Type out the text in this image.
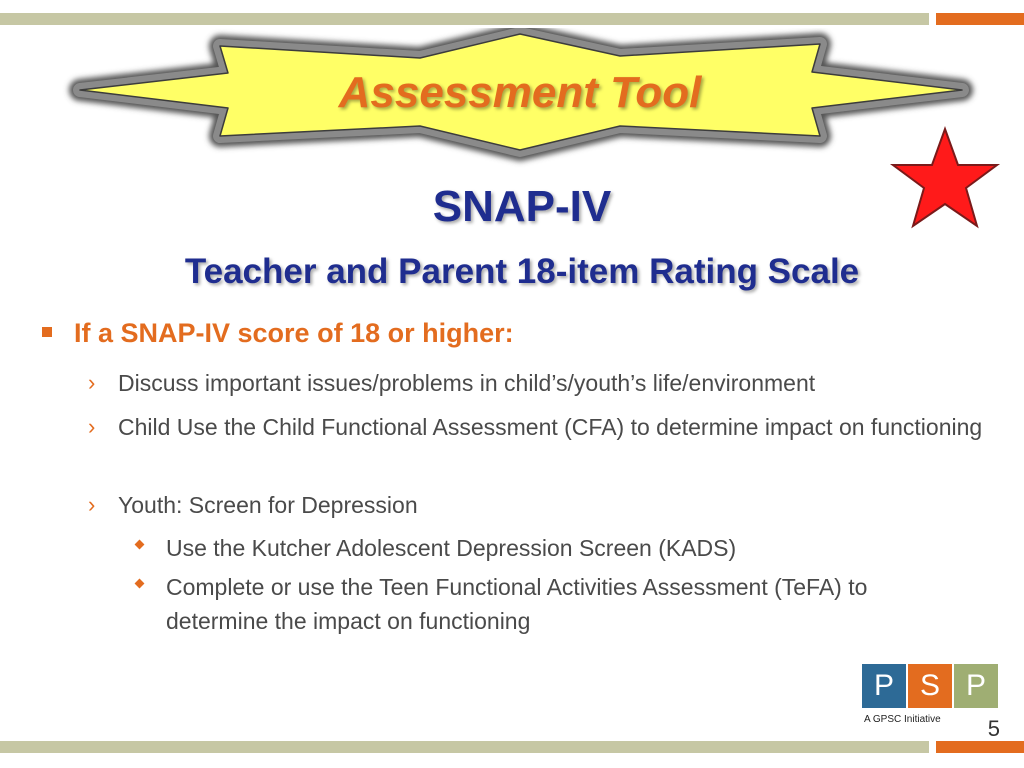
Assessment Tool
SNAP-IV
Teacher and Parent 18-item Rating Scale
If a SNAP-IV score of 18 or higher:
› Discuss important issues/problems in child’s/youth’s life/environment
› Child Use the Child Functional Assessment (CFA) to determine impact on functioning
› Youth: Screen for Depression
Use the Kutcher Adolescent Depression Screen (KADS)
Complete or use the Teen Functional Activities Assessment (TeFA) to determine the impact on functioning
P S P
A GPSC Initiative	5
